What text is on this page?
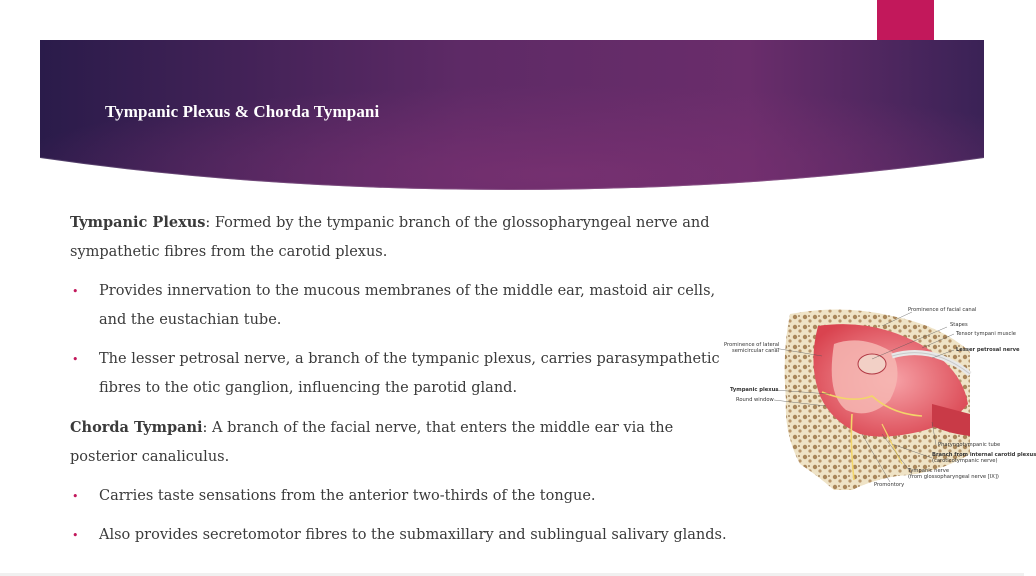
Tympanic Plexus & Chorda Tympani

Tympanic Plexus: Formed by the tympanic branch of the glossopharyngeal nerve and sympathetic fibres from the carotid plexus.

• Provides innervation to the mucous membranes of the middle ear, mastoid air cells, and the eustachian tube.
• The lesser petrosal nerve, a branch of the tympanic plexus, carries parasympathetic fibres to the otic ganglion, influencing the parotid gland.

Chorda Tympani: A branch of the facial nerve, that enters the middle ear via the posterior canaliculus.

• Carries taste sensations from the anterior two-thirds of the tongue.
• Also provides secretomotor fibres to the submaxillary and sublingual salivary glands.
Prominence of facial canal
Stapes
Tensor tympani muscle
Prominence of lateral
semicircular canal	Lesser petrosal nerve
Tympanic plexus
Round window
Pharyngotympanic tube
Branch from internal carotid plexus
(caroticotympanic nerve)
Tympanic nerve
(from glossopharyngeal nerve [IX])
Promontory
